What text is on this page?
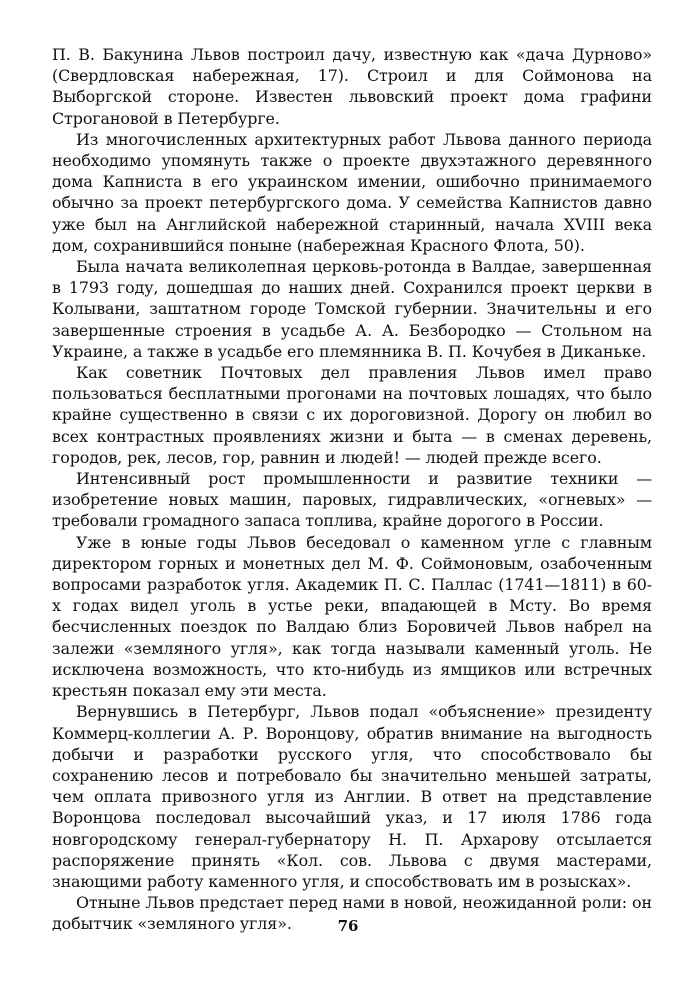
П. В. Бакунина Львов построил дачу, известную как «дача Дурново» (Свердловская набережная, 17). Строил и для Соймонова на Выборгской стороне. Известен львовский проект дома графини Строгановой в Петербурге.

Из многочисленных архитектурных работ Львова данного периода необходимо упомянуть также о проекте двухэтажного деревянного дома Капниста в его украинском имении, ошибочно принимаемого обычно за проект петербургского дома. У семейства Капнистов давно уже был на Английской набережной старинный, начала XVIII века дом, сохранившийся поныне (набережная Красного Флота, 50).

Была начата великолепная церковь-ротонда в Валдае, завершенная в 1793 году, дошедшая до наших дней. Сохранился проект церкви в Колывани, заштатном городе Томской губернии. Значительны и его завершенные строения в усадьбе А. А. Безбородко — Стольном на Украине, а также в усадьбе его племянника В. П. Кочубея в Диканьке.

Как советник Почтовых дел правления Львов имел право пользоваться бесплатными прогонами на почтовых лошадях, что было крайне существенно в связи с их дороговизной. Дорогу он любил во всех контрастных проявлениях жизни и быта — в сменах деревень, городов, рек, лесов, гор, равнин и людей! — людей прежде всего.

Интенсивный рост промышленности и развитие техники — изобретение новых машин, паровых, гидравлических, «огневых» — требовали громадного запаса топлива, крайне дорогого в России.

Уже в юные годы Львов беседовал о каменном угле с главным директором горных и монетных дел М. Ф. Соймоновым, озабоченным вопросами разработок угля. Академик П. С. Паллас (1741—1811) в 60-х годах видел уголь в устье реки, впадающей в Мсту. Во время бесчисленных поездок по Валдаю близ Боровичей Львов набрел на залежи «земляного угля», как тогда называли каменный уголь. Не исключена возможность, что кто-нибудь из ямщиков или встречных крестьян показал ему эти места.

Вернувшись в Петербург, Львов подал «объяснение» президенту Коммерц-коллегии А. Р. Воронцову, обратив внимание на выгодность добычи и разработки русского угля, что способствовало бы сохранению лесов и потребовало бы значительно меньшей затраты, чем оплата привозного угля из Англии. В ответ на представление Воронцова последовал высочайший указ, и 17 июля 1786 года новгородскому генерал-губернатору Н. П. Архарову отсылается распоряжение принять «Кол. сов. Львова с двумя мастерами, знающими работу каменного угля, и способствовать им в розысках».

Отныне Львов предстает перед нами в новой, неожиданной роли: он добытчик «земляного угля».	76
